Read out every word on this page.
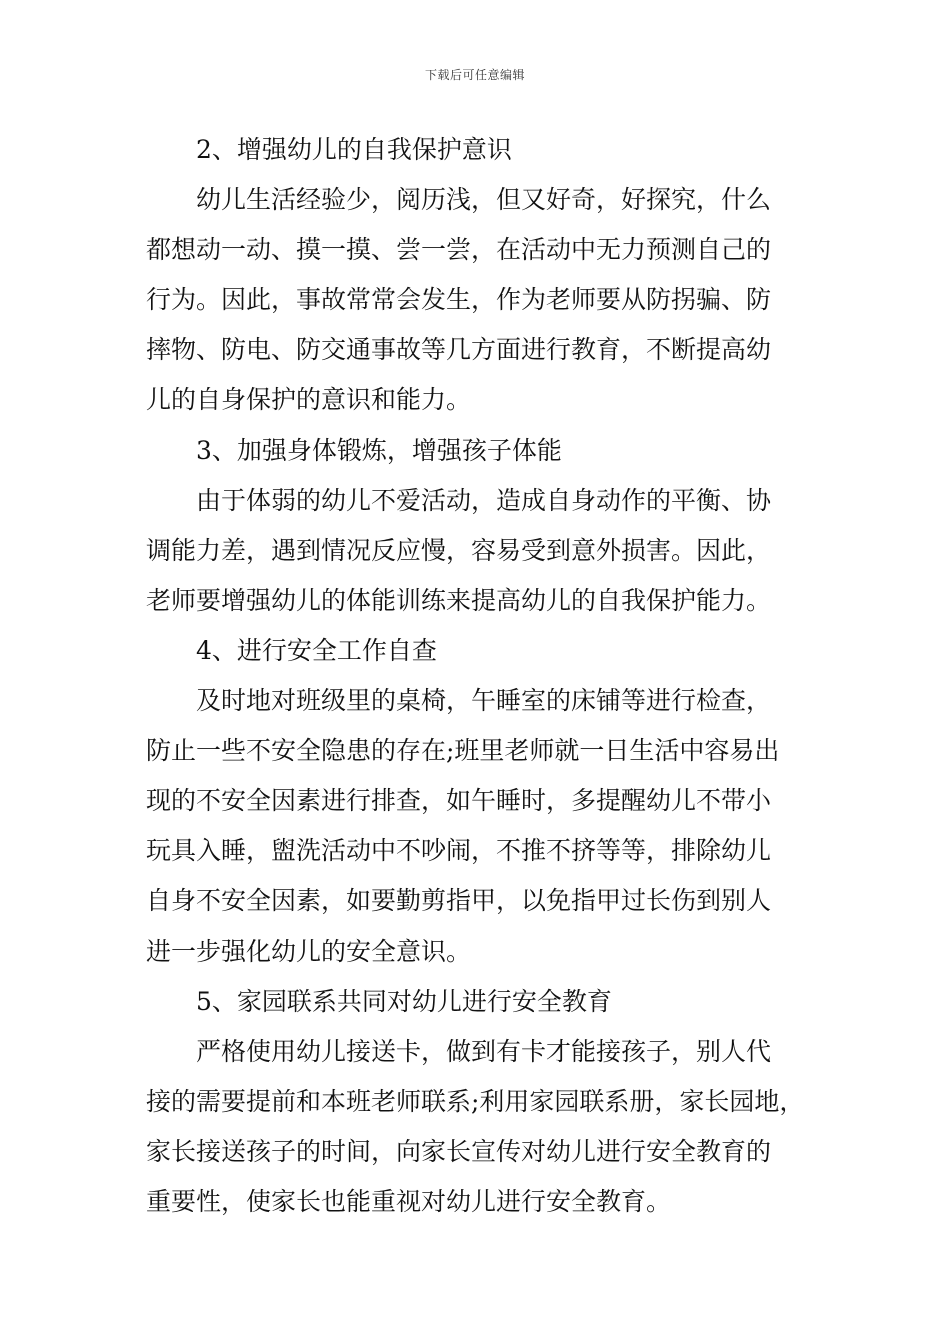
下载后可任意编辑
2、增强幼儿的自我保护意识
幼儿生活经验少，阅历浅，但又好奇，好探究，什么
都想动一动、摸一摸、尝一尝，在活动中无力预测自己的
行为。因此，事故常常会发生，作为老师要从防拐骗、防
摔物、防电、防交通事故等几方面进行教育，不断提高幼
儿的自身保护的意识和能力。
3、加强身体锻炼，增强孩子体能
由于体弱的幼儿不爱活动，造成自身动作的平衡、协
调能力差，遇到情况反应慢，容易受到意外损害。因此，
老师要增强幼儿的体能训练来提高幼儿的自我保护能力。
4、进行安全工作自查
及时地对班级里的桌椅，午睡室的床铺等进行检查，
防止一些不安全隐患的存在;班里老师就一日生活中容易出
现的不安全因素进行排查，如午睡时，多提醒幼儿不带小
玩具入睡，盥洗活动中不吵闹，不推不挤等等，排除幼儿
自身不安全因素，如要勤剪指甲，以免指甲过长伤到别人
进一步强化幼儿的安全意识。
5、家园联系共同对幼儿进行安全教育
严格使用幼儿接送卡，做到有卡才能接孩子，别人代
接的需要提前和本班老师联系;利用家园联系册，家长园地，
家长接送孩子的时间，向家长宣传对幼儿进行安全教育的
重要性，使家长也能重视对幼儿进行安全教育。
